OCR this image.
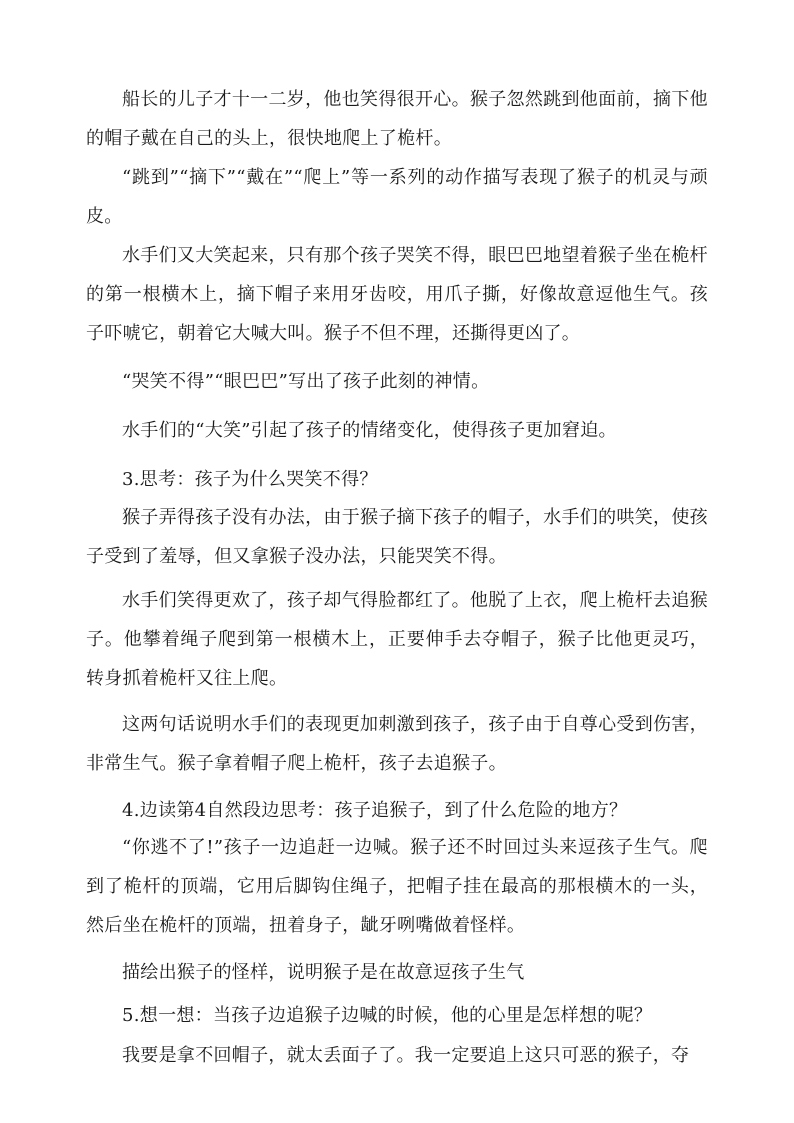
船长的儿子才十一二岁，他也笑得很开心。猴子忽然跳到他面前，摘下他的帽子戴在自己的头上，很快地爬上了桅杆。

“跳到”“摘下”“戴在”“爬上”等一系列的动作描写表现了猴子的机灵与顽皮。

水手们又大笑起来，只有那个孩子哭笑不得，眼巴巴地望着猴子坐在桅杆的第一根横木上，摘下帽子来用牙齿咬，用爪子撕，好像故意逗他生气。孩子吓唬它，朝着它大喊大叫。猴子不但不理，还撕得更凶了。

“哭笑不得”“眼巴巴”写出了孩子此刻的神情。

水手们的“大笑”引起了孩子的情绪变化，使得孩子更加窘迫。

3.思考：孩子为什么哭笑不得？

猴子弄得孩子没有办法，由于猴子摘下孩子的帽子，水手们的哄笑，使孩子受到了羞辱，但又拿猴子没办法，只能哭笑不得。

水手们笑得更欢了，孩子却气得脸都红了。他脱了上衣，爬上桅杆去追猴子。他攀着绳子爬到第一根横木上，正要伸手去夺帽子，猴子比他更灵巧，转身抓着桅杆又往上爬。

这两句话说明水手们的表现更加刺激到孩子，孩子由于自尊心受到伤害，非常生气。猴子拿着帽子爬上桅杆，孩子去追猴子。

4.边读第4自然段边思考：孩子追猴子，到了什么危险的地方？

“你逃不了!”孩子一边追赶一边喊。猴子还不时回过头来逗孩子生气。爬到了桅杆的顶端，它用后脚钩住绳子，把帽子挂在最高的那根横木的一头，然后坐在桅杆的顶端，扭着身子，龇牙咧嘴做着怪样。

描绘出猴子的怪样，说明猴子是在故意逗孩子生气

5.想一想：当孩子边追猴子边喊的时候，他的心里是怎样想的呢？

我要是拿不回帽子，就太丢面子了。我一定要追上这只可恶的猴子，夺
